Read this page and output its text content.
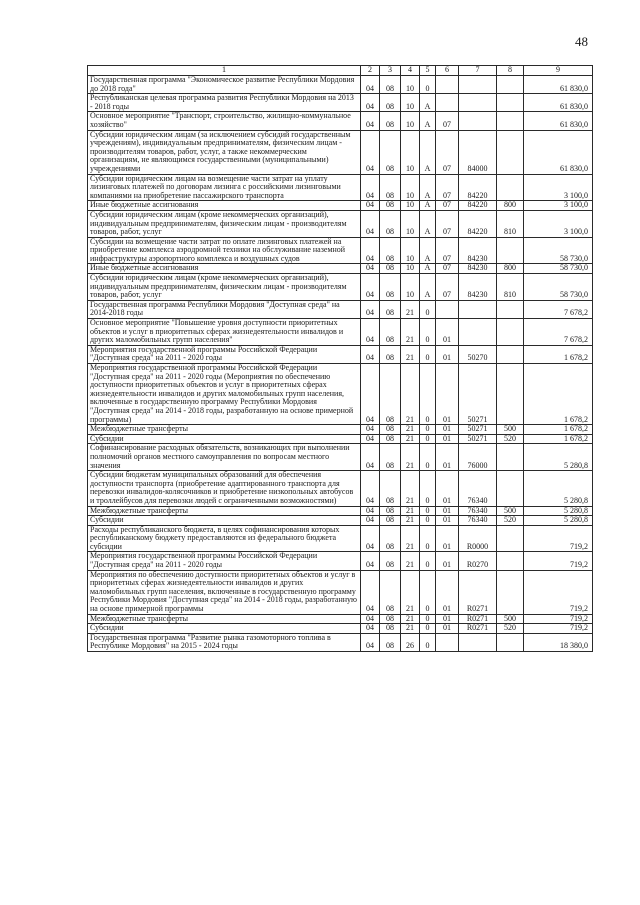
48
1	2	3	4	5	6	7	8	9
Государственная программа "Экономическое развитие Республики Мордовия до 2018 года"	04	08	10	0				61 830,0
Республиканская целевая программа развития Республики Мордовия на 2013 - 2018 годы	04	08	10	А				61 830,0
Основное мероприятие "Транспорт, строительство, жилищно-коммунальное хозяйство"	04	08	10	А	07			61 830,0
Субсидии юридическим лицам (за исключением субсидий государственным учреждениям), индивидуальным предпринимателям, физическим лицам - производителям товаров, работ, услуг, а также некоммерческим организациям, не являющимся государственными (муниципальными) учреждениями	04	08	10	А	07	84000		61 830,0
Субсидии юридическим лицам на возмещение части затрат на уплату лизинговых платежей по договорам лизинга с российскими лизинговыми компаниями на приобретение пассажирского транспорта	04	08	10	А	07	84220		3 100,0
Иные бюджетные ассигнования	04	08	10	А	07	84220	800	3 100,0
Субсидии юридическим лицам (кроме некоммерческих организаций), индивидуальным предпринимателям, физическим лицам - производителям товаров, работ, услуг	04	08	10	А	07	84220	810	3 100,0
Субсидии на возмещение части затрат по оплате лизинговых платежей на приобретение комплекса аэродромной техники на обслуживание наземной инфраструктуры аэропортного комплекса и воздушных судов	04	08	10	А	07	84230		58 730,0
Иные бюджетные ассигнования	04	08	10	А	07	84230	800	58 730,0
Субсидии юридическим лицам (кроме некоммерческих организаций), индивидуальным предпринимателям, физическим лицам - производителям товаров, работ, услуг	04	08	10	А	07	84230	810	58 730,0
Государственная программа Республики Мордовия "Доступная среда" на 2014-2018 годы	04	08	21	0				7 678,2
Основное мероприятие "Повышение уровня доступности приоритетных объектов и услуг в приоритетных сферах жизнедеятельности инвалидов и других маломобильных групп населения"	04	08	21	0	01			7 678,2
Мероприятия государственной программы Российской Федерации "Доступная среда" на 2011 - 2020 годы	04	08	21	0	01	50270		1 678,2
Мероприятия государственной программы Российской Федерации "Доступная среда" на 2011 - 2020 годы (Мероприятия по обеспечению доступности приоритетных объектов и услуг в приоритетных сферах жизнедеятельности инвалидов и других маломобильных групп населения, включенные в государственную программу Республики Мордовия "Доступная среда" на 2014 - 2018 годы, разработанную на основе примерной программы)	04	08	21	0	01	50271		1 678,2
Межбюджетные трансферты	04	08	21	0	01	50271	500	1 678,2
Субсидии	04	08	21	0	01	50271	520	1 678,2
Софинансирование расходных обязательств, возникающих при выполнении полномочий органов местного самоуправления по вопросам местного значения	04	08	21	0	01	76000		5 280,8
Субсидии бюджетам муниципальных образований для обеспечения доступности транспорта (приобретение адаптированного транспорта для перевозки инвалидов-колясочников и приобретение низкопольных автобусов и троллейбусов для перевозки людей с ограниченными возможностями)	04	08	21	0	01	76340		5 280,8
Межбюджетные трансферты	04	08	21	0	01	76340	500	5 280,8
Субсидии	04	08	21	0	01	76340	520	5 280,8
Расходы республиканского бюджета, в целях софинансирования которых республиканскому бюджету предоставляются из федерального бюджета субсидии	04	08	21	0	01	R0000		719,2
Мероприятия государственной программы Российской Федерации "Доступная среда" на 2011 - 2020 годы	04	08	21	0	01	R0270		719,2
Мероприятия по обеспечению доступности приоритетных объектов и услуг в приоритетных сферах жизнедеятельности инвалидов и других маломобильных групп населения, включенные в государственную программу Республики Мордовия "Доступная среда" на 2014 - 2018 годы, разработанную на основе примерной программы	04	08	21	0	01	R0271		719,2
Межбюджетные трансферты	04	08	21	0	01	R0271	500	719,2
Субсидии	04	08	21	0	01	R0271	520	719,2
Государственная программа "Развитие рынка газомоторного топлива в Республике Мордовия" на 2015 - 2024 годы	04	08	26	0				18 380,0
